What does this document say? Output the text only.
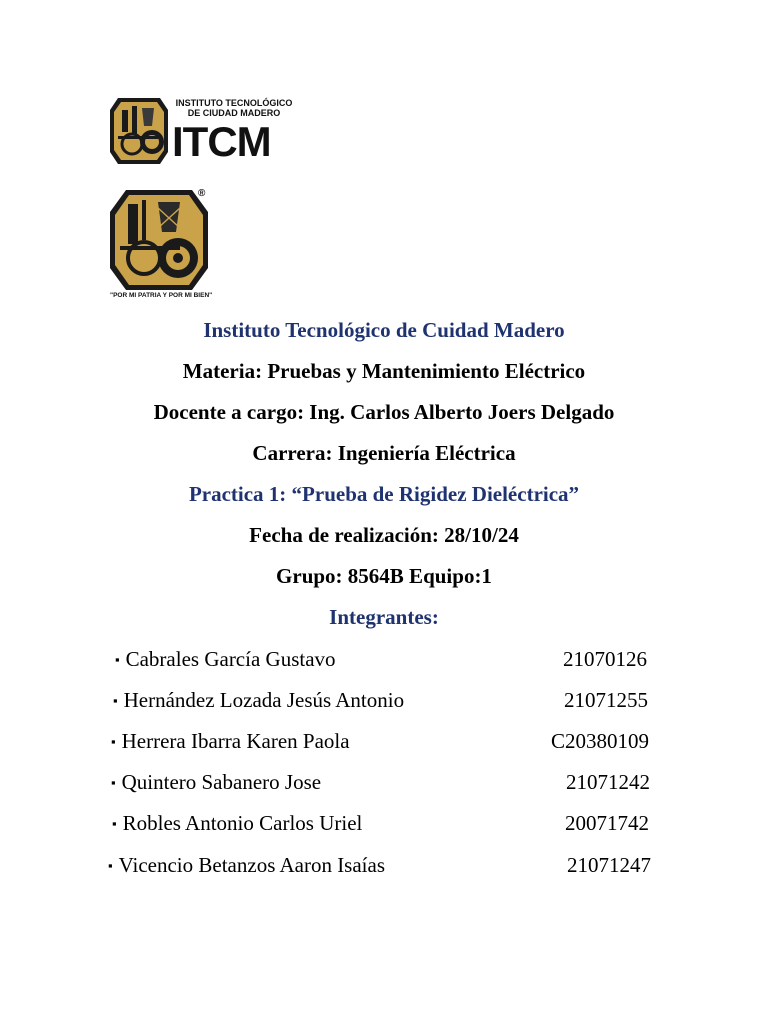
INSTITUTO TECNOLÓGICO DE CIUDAD MADERO
ITCM
®
"POR MI PATRIA Y POR MI BIEN"
Instituto Tecnológico de Cuidad Madero
Materia: Pruebas y Mantenimiento Eléctrico
Docente a cargo: Ing. Carlos Alberto Joers Delgado
Carrera: Ingeniería Eléctrica
Practica 1: “Prueba de Rigidez Dieléctrica”
Fecha de realización: 28/10/24
Grupo: 8564B Equipo:1
Integrantes:
▪ Cabrales García Gustavo	21070126
▪ Hernández Lozada Jesús Antonio	21071255
▪ Herrera Ibarra Karen Paola	C20380109
▪ Quintero Sabanero Jose	21071242
▪ Robles Antonio Carlos Uriel	20071742
▪ Vicencio Betanzos Aaron Isaías	21071247
